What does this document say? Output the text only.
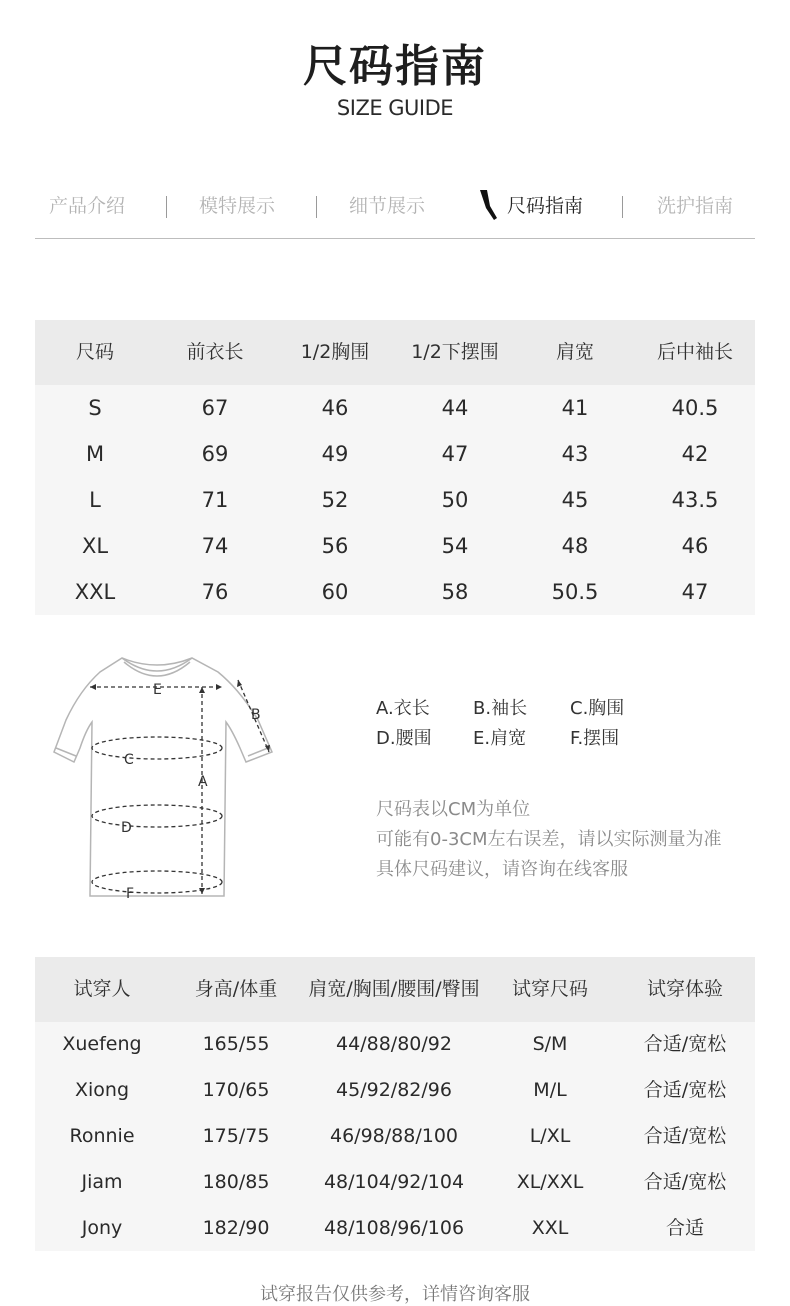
尺码指南
SIZE GUIDE
产品介绍	模特展示	细节展示	尺码指南	洗护指南
尺码	前衣长	1/2胸围	1/2下摆围	肩宽	后中袖长
S	67	46	44	41	40.5
M	69	49	47	43	42
L	71	52	50	45	43.5
XL	74	56	54	48	46
XXL	76	60	58	50.5	47
E
B
C
A
D
F
A.衣长 B.袖长 C.胸围
D.腰围 E.肩宽 F.摆围
尺码表以CM为单位
可能有0-3CM左右误差，请以实际测量为准
具体尺码建议，请咨询在线客服
试穿人	身高/体重	肩宽/胸围/腰围/臀围	试穿尺码	试穿体验
Xuefeng	165/55	44/88/80/92	S/M	合适/宽松
Xiong	170/65	45/92/82/96	M/L	合适/宽松
Ronnie	175/75	46/98/88/100	L/XL	合适/宽松
Jiam	180/85	48/104/92/104	XL/XXL	合适/宽松
Jony	182/90	48/108/96/106	XXL	合适
试穿报告仅供参考，详情咨询客服
